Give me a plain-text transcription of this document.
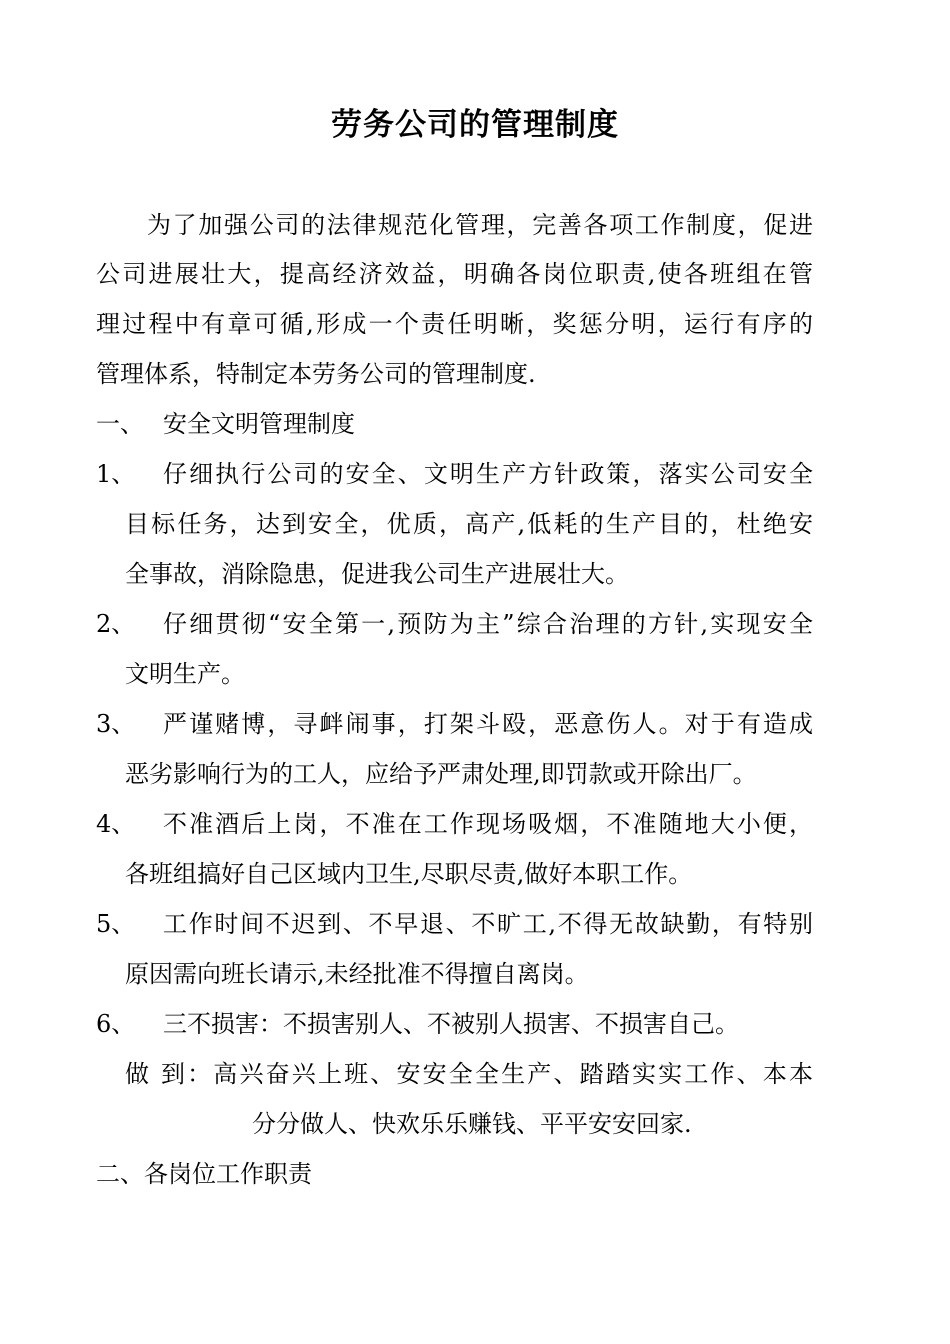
劳务公司的管理制度
为了加强公司的法律规范化管理，完善各项工作制度，促进
公司进展壮大，提高经济效益，明确各岗位职责,使各班组在管
理过程中有章可循,形成一个责任明晰，奖惩分明，运行有序的
管理体系，特制定本劳务公司的管理制度.
一、 安全文明管理制度
1、 仔细执行公司的安全、文明生产方针政策，落实公司安全
目标任务，达到安全，优质，高产,低耗的生产目的，杜绝安
全事故，消除隐患，促进我公司生产进展壮大。
2、 仔细贯彻“安全第一,预防为主”综合治理的方针,实现安全
文明生产。
3、 严谨赌博，寻衅闹事，打架斗殴，恶意伤人。对于有造成
恶劣影响行为的工人，应给予严肃处理,即罚款或开除出厂。
4、 不准酒后上岗，不准在工作现场吸烟，不准随地大小便，
各班组搞好自己区域内卫生,尽职尽责,做好本职工作。
5、 工作时间不迟到、不早退、不旷工,不得无故缺勤，有特别
原因需向班长请示,未经批准不得擅自离岗。
6、 三不损害：不损害别人、不被别人损害、不损害自己。
做 到：高兴奋兴上班、安安全全生产、踏踏实实工作、本本
分分做人、快欢乐乐赚钱、平平安安回家.
二、各岗位工作职责
